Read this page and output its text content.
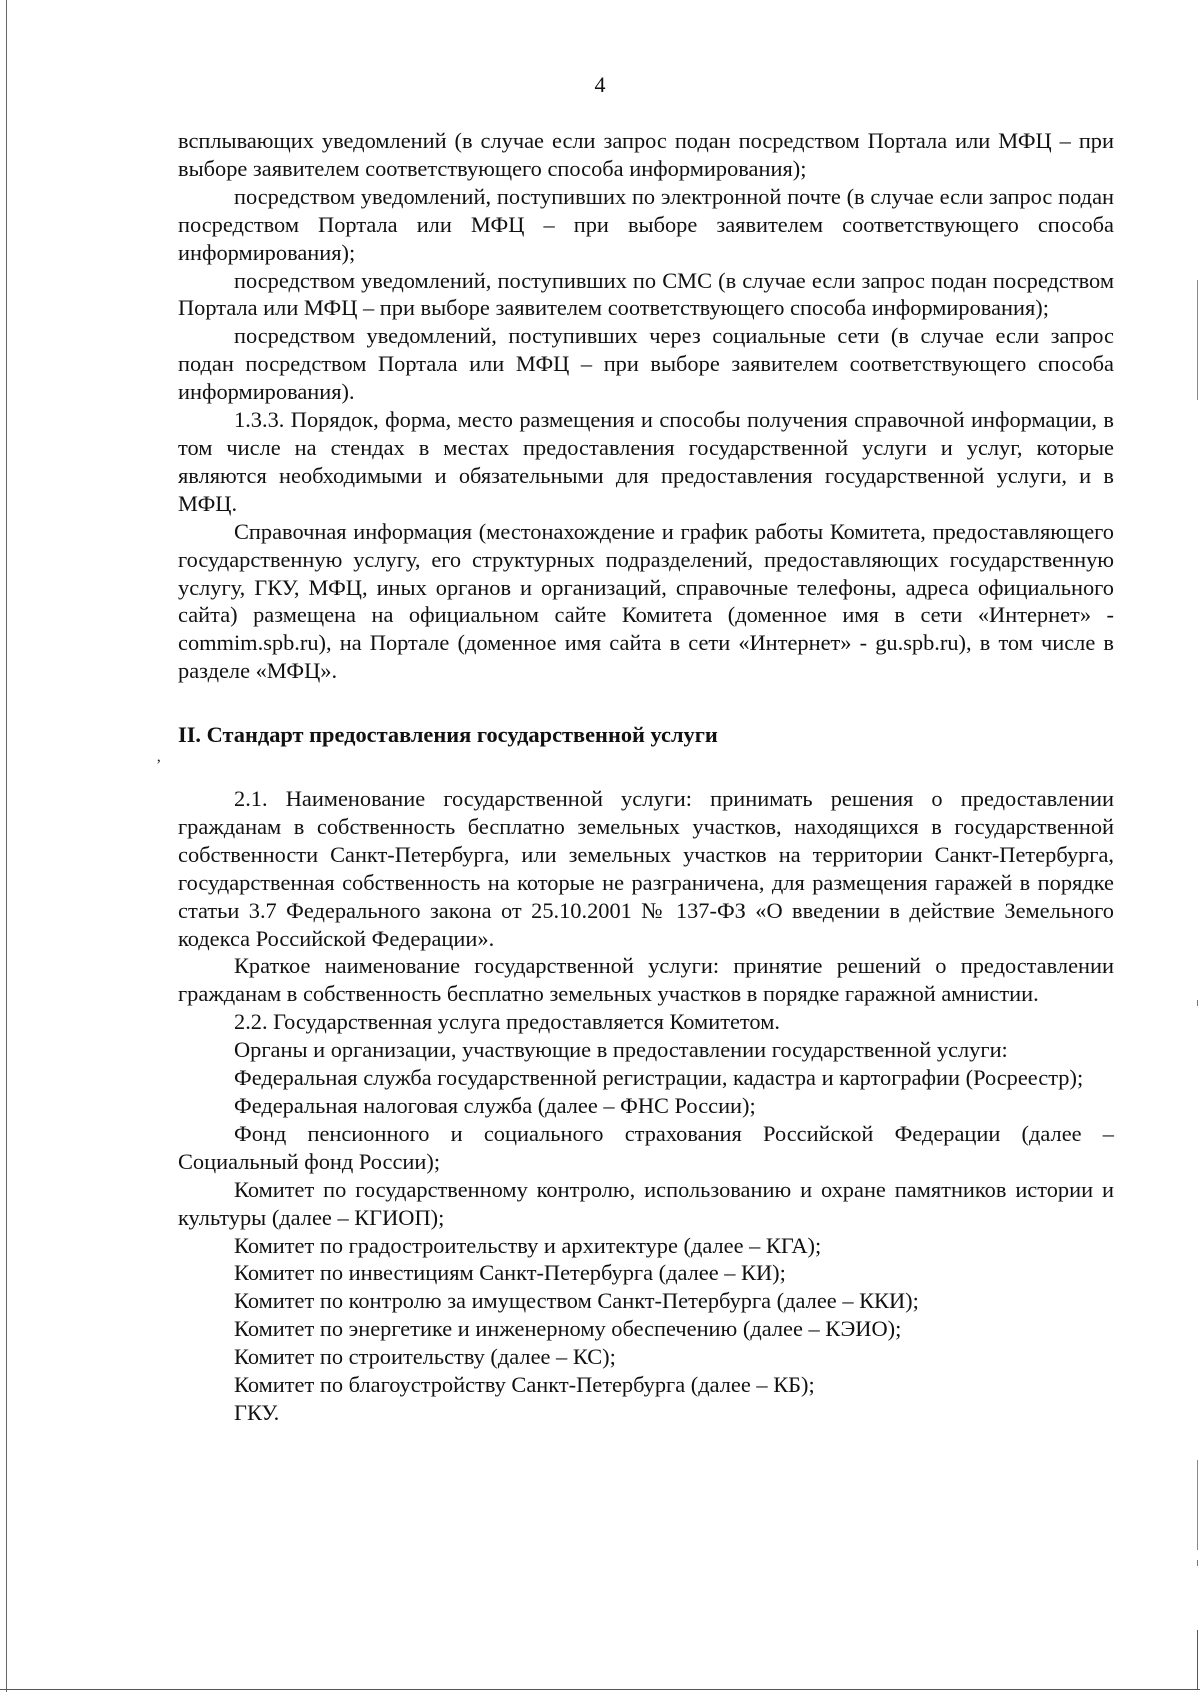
’
4

всплывающих уведомлений (в случае если запрос подан посредством Портала или МФЦ – при выборе заявителем соответствующего способа информирования);

посредством уведомлений, поступивших по электронной почте (в случае если запрос подан посредством Портала или МФЦ – при выборе заявителем соответствующего способа информирования);

посредством уведомлений, поступивших по СМС (в случае если запрос подан посредством Портала или МФЦ – при выборе заявителем соответствующего способа информирования);

посредством уведомлений, поступивших через социальные сети (в случае если запрос подан посредством Портала или МФЦ – при выборе заявителем соответствующего способа информирования).

1.3.3. Порядок, форма, место размещения и способы получения справочной информации, в том числе на стендах в местах предоставления государственной услуги и услуг, которые являются необходимыми и обязательными для предоставления государственной услуги, и в МФЦ.

Справочная информация (местонахождение и график работы Комитета, предоставляющего государственную услугу, его структурных подразделений, предоставляющих государственную услугу, ГКУ, МФЦ, иных органов и организаций, справочные телефоны, адреса официального сайта) размещена на официальном сайте Комитета (доменное имя в сети «Интернет» - commim.spb.ru), на Портале (доменное имя сайта в сети «Интернет» - gu.spb.ru), в том числе в разделе «МФЦ».

II. Стандарт предоставления государственной услуги

2.1. Наименование государственной услуги: принимать решения о предоставлении гражданам в собственность бесплатно земельных участков, находящихся в государственной собственности Санкт-Петербурга, или земельных участков на территории Санкт-Петербурга, государственная собственность на которые не разграничена, для размещения гаражей в порядке статьи 3.7 Федерального закона от 25.10.2001 № 137-ФЗ «О введении в действие Земельного кодекса Российской Федерации».

Краткое наименование государственной услуги: принятие решений о предоставлении гражданам в собственность бесплатно земельных участков в порядке гаражной амнистии.

2.2. Государственная услуга предоставляется Комитетом.

Органы и организации, участвующие в предоставлении государственной услуги:

Федеральная служба государственной регистрации, кадастра и картографии (Росреестр);

Федеральная налоговая служба (далее – ФНС России);

Фонд пенсионного и социального страхования Российской Федерации (далее – Социальный фонд России);

Комитет по государственному контролю, использованию и охране памятников истории и культуры (далее – КГИОП);

Комитет по градостроительству и архитектуре (далее – КГА);

Комитет по инвестициям Санкт-Петербурга (далее – КИ);

Комитет по контролю за имуществом Санкт-Петербурга (далее – ККИ);

Комитет по энергетике и инженерному обеспечению (далее – КЭИО);

Комитет по строительству (далее – КС);

Комитет по благоустройству Санкт-Петербурга (далее – КБ);

ГКУ.
